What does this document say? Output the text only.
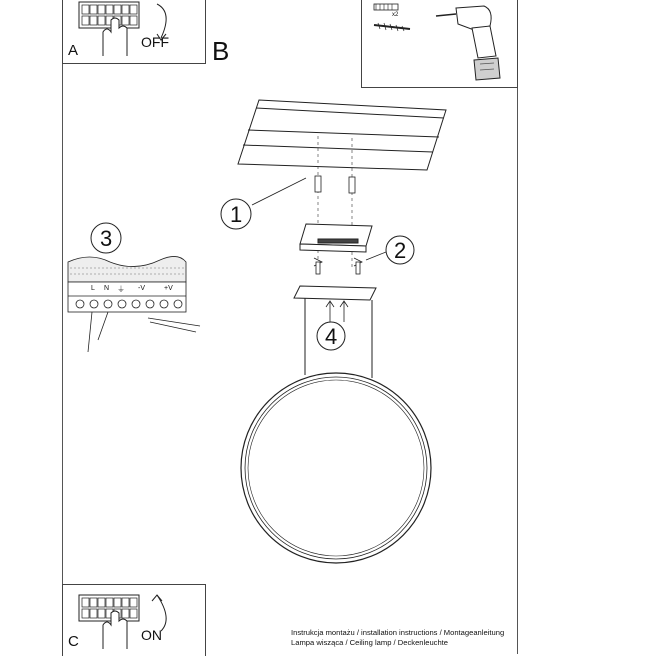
A	OFF B
x2
1
2
3
4
L N ⏚ -V	+V
C	ON	Instrukcja montażu / installation instructions / Montageanleitung
Lampa wisząca / Ceiling lamp / Deckenleuchte
